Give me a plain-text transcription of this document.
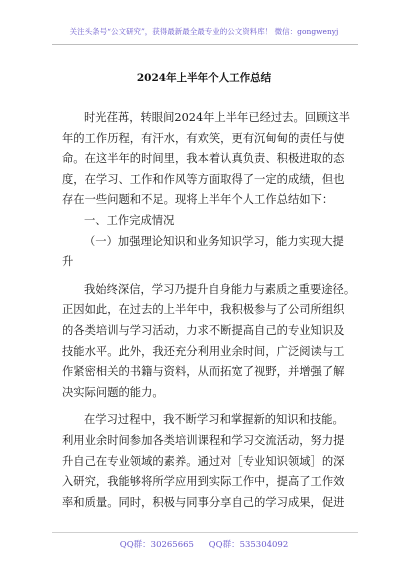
关注头条号“公文研究”，获得最新最全最专业的公文资料库！ 微信：gongwenyj
2024年上半年个人工作总结
时光荏苒，转眼间2024年上半年已经过去。回顾这半
年的工作历程，有汗水，有欢笑，更有沉甸甸的责任与使
命。在这半年的时间里，我本着认真负责、积极进取的态
度，在学习、工作和作风等方面取得了一定的成绩，但也
存在一些问题和不足。现将上半年个人工作总结如下：
一、工作完成情况
（一）加强理论知识和业务知识学习，能力实现大提
升
我始终深信，学习乃提升自身能力与素质之重要途径。
正因如此，在过去的上半年中，我积极参与了公司所组织
的各类培训与学习活动，力求不断提高自己的专业知识及
技能水平。此外，我还充分利用业余时间，广泛阅读与工
作紧密相关的书籍与资料，从而拓宽了视野，并增强了解
决实际问题的能力。
在学习过程中，我不断学习和掌握新的知识和技能。
利用业余时间参加各类培训课程和学习交流活动，努力提
升自己在专业领域的素养。通过对［专业知识领域］的深
入研究，我能够将所学应用到实际工作中，提高了工作效
率和质量。同时，积极与同事分享自己的学习成果，促进
QQ群：30265665 QQ群：535304092
